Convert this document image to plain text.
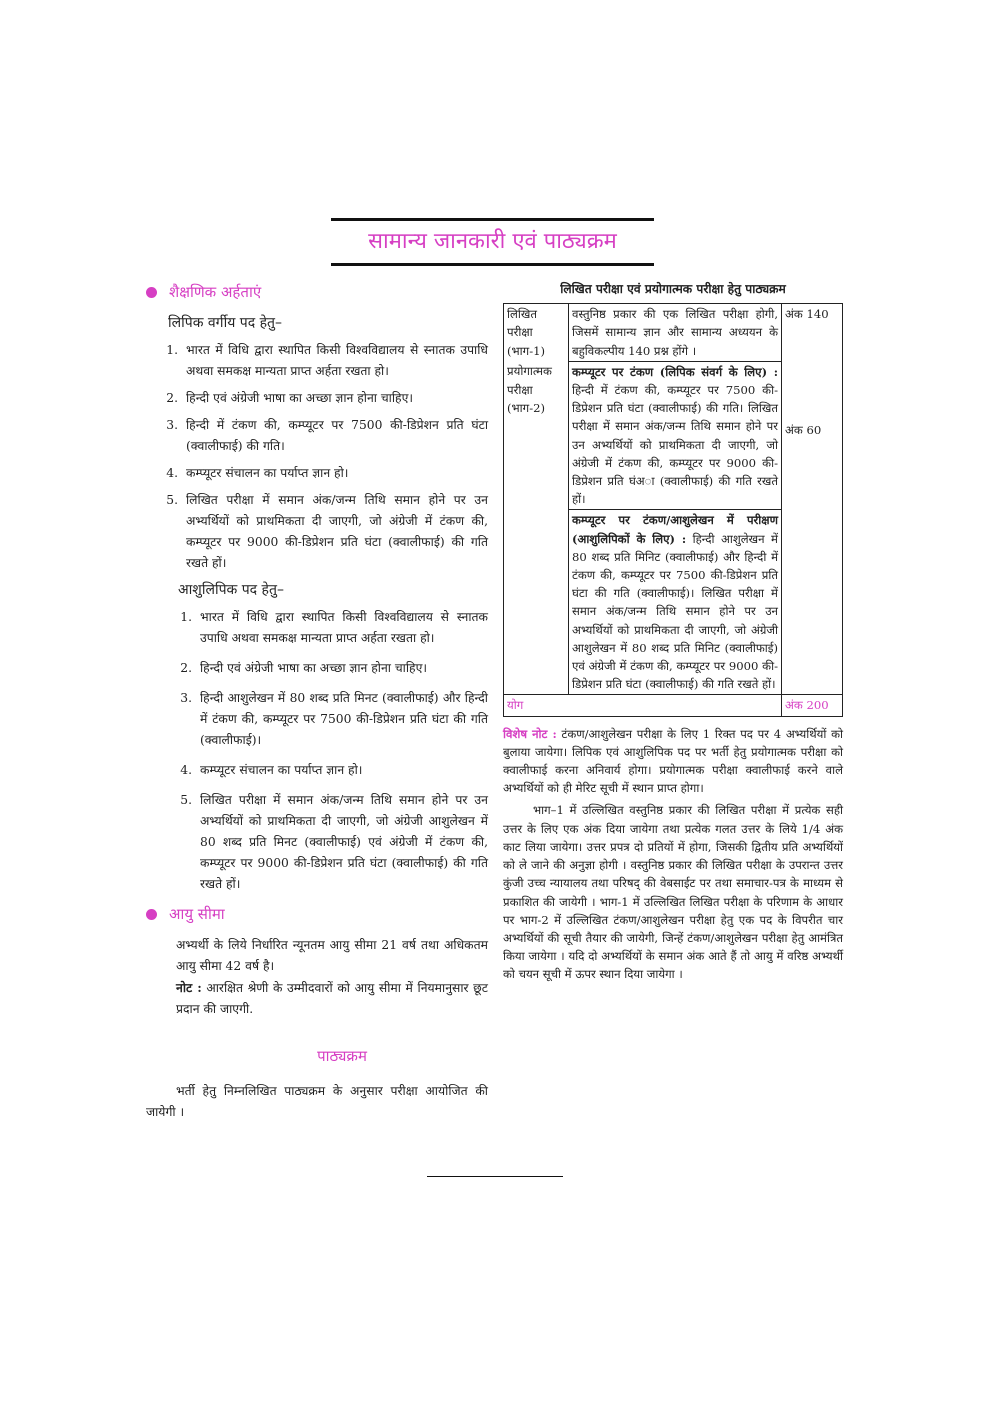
सामान्य जानकारी एवं पाठ्यक्रम
शैक्षणिक अर्हताएं
लिपिक वर्गीय पद हेतु–
1. भारत में विधि द्वारा स्थापित किसी विश्वविद्यालय से स्नातक उपाधि अथवा समकक्ष मान्यता प्राप्त अर्हता रखता हो।
2. हिन्दी एवं अंग्रेजी भाषा का अच्छा ज्ञान होना चाहिए।
3. हिन्दी में टंकण की, कम्प्यूटर पर 7500 की-डिप्रेशन प्रति घंटा (क्वालीफाई) की गति।
4. कम्प्यूटर संचालन का पर्याप्त ज्ञान हो।
5. लिखित परीक्षा में समान अंक/जन्म तिथि समान होने पर उन अभ्यर्थियों को प्राथमिकता दी जाएगी, जो अंग्रेजी में टंकण की, कम्प्यूटर पर 9000 की-डिप्रेशन प्रति घंटा (क्वालीफाई) की गति रखते हों।
आशुलिपिक पद हेतु–
1. भारत में विधि द्वारा स्थापित किसी विश्वविद्यालय से स्नातक उपाधि अथवा समकक्ष मान्यता प्राप्त अर्हता रखता हो।
2. हिन्दी एवं अंग्रेजी भाषा का अच्छा ज्ञान होना चाहिए।
3. हिन्दी आशुलेखन में 80 शब्द प्रति मिनट (क्वालीफाई) और हिन्दी में टंकण की, कम्प्यूटर पर 7500 की-डिप्रेशन प्रति घंटा की गति (क्वालीफाई)।
4. कम्प्यूटर संचालन का पर्याप्त ज्ञान हो।
5. लिखित परीक्षा में समान अंक/जन्म तिथि समान होने पर उन अभ्यर्थियों को प्राथमिकता दी जाएगी, जो अंग्रेजी आशुलेखन में 80 शब्द प्रति मिनट (क्वालीफाई) एवं अंग्रेजी में टंकण की, कम्प्यूटर पर 9000 की-डिप्रेशन प्रति घंटा (क्वालीफाई) की गति रखते हों।
आयु सीमा

अभ्यर्थी के लिये निर्धारित न्यूनतम आयु सीमा 21 वर्ष तथा अधिकतम आयु सीमा 42 वर्ष है।

नोट : आरक्षित श्रेणी के उम्मीदवारों को आयु सीमा में नियमानुसार छूट प्रदान की जाएगी.

पाठ्यक्रम

भर्ती हेतु निम्नलिखित पाठ्यक्रम के अनुसार परीक्षा आयोजित की जायेगी ।

लिखित परीक्षा एवं प्रयोगात्मक परीक्षा हेतु पाठ्यक्रम
लिखित परीक्षा (भाग-1)	वस्तुनिष्ठ प्रकार की एक लिखित परीक्षा होगी, जिसमें सामान्य ज्ञान और सामान्य अध्ययन के बहुविकल्पीय 140 प्रश्न होंगे ।	अंक 140
प्रयोगात्मक परीक्षा (भाग-2)	कम्प्यूटर पर टंकण (लिपिक संवर्ग के लिए) : हिन्दी में टंकण की, कम्प्यूटर पर 7500 की-डिप्रेशन प्रति घंटा (क्वालीफाई) की गति। लिखित परीक्षा में समान अंक/जन्म तिथि समान होने पर उन अभ्यर्थियों को प्राथमिकता दी जाएगी, जो अंग्रेजी में टंकण की, कम्प्यूटर पर 9000 की-डिप्रेशन प्रति घंअा (क्वालीफाई) की गति रखते हों।	अंक 60
	कम्प्यूटर पर टंकण/आशुलेखन में परीक्षण (आशुलिपिकों के लिए) : हिन्दी आशुलेखन में 80 शब्द प्रति मिनिट (क्वालीफाई) और हिन्दी में टंकण की, कम्प्यूटर पर 7500 की-डिप्रेशन प्रति घंटा की गति (क्वालीफाई)। लिखित परीक्षा में समान अंक/जन्म तिथि समान होने पर उन अभ्यर्थियों को प्राथमिकता दी जाएगी, जो अंग्रेजी आशुलेखन में 80 शब्द प्रति मिनिट (क्वालीफाई) एवं अंग्रेजी में टंकण की, कम्प्यूटर पर 9000 की-डिप्रेशन प्रति घंटा (क्वालीफाई) की गति रखते हों।	
योग		अंक 200

विशेष नोट : टंकण/आशुलेखन परीक्षा के लिए 1 रिक्त पद पर 4 अभ्यर्थियों को बुलाया जायेगा। लिपिक एवं आशुलिपिक पद पर भर्ती हेतु प्रयोगात्मक परीक्षा को क्वालीफाई करना अनिवार्य होगा। प्रयोगात्मक परीक्षा क्वालीफाई करने वाले अभ्यर्थियों को ही मेरिट सूची में स्थान प्राप्त होगा।

भाग–1 में उल्लिखित वस्तुनिष्ठ प्रकार की लिखित परीक्षा में प्रत्येक सही उत्तर के लिए एक अंक दिया जायेगा तथा प्रत्येक गलत उत्तर के लिये 1/4 अंक काट लिया जायेगा। उत्तर प्रपत्र दो प्रतियों में होगा, जिसकी द्वितीय प्रति अभ्यर्थियों को ले जाने की अनुज्ञा होगी । वस्तुनिष्ठ प्रकार की लिखित परीक्षा के उपरान्त उत्तर कुंजी उच्च न्यायालय तथा परिषद् की वेबसाईट पर तथा समाचार-पत्र के माध्यम से प्रकाशित की जायेगी । भाग-1 में उल्लिखित लिखित परीक्षा के परिणाम के आधार पर भाग-2 में उल्लिखित टंकण/आशुलेखन परीक्षा हेतु एक पद के विपरीत चार अभ्यर्थियों की सूची तैयार की जायेगी, जिन्हें टंकण/आशुलेखन परीक्षा हेतु आमंत्रित किया जायेगा । यदि दो अभ्यर्थियों के समान अंक आते हैं तो आयु में वरिष्ठ अभ्यर्थी को चयन सूची में ऊपर स्थान दिया जायेगा ।
